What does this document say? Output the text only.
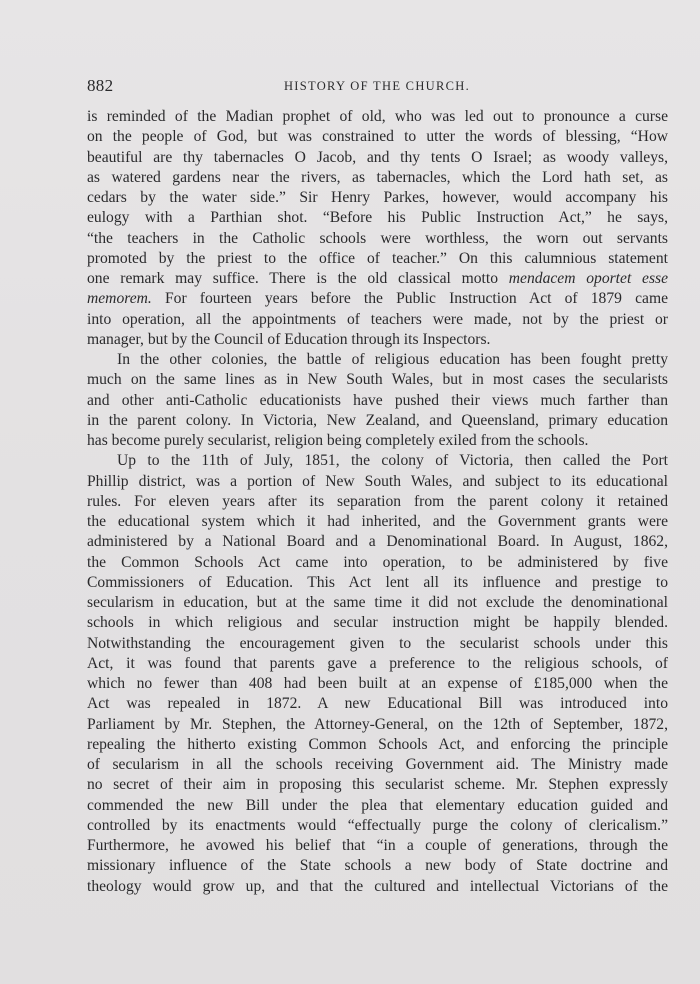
882	HISTORY OF THE CHURCH.
is reminded of the Madian prophet of old, who was led out to pronounce a curse
on the people of God, but was constrained to utter the words of blessing, “How
beautiful are thy tabernacles O Jacob, and thy tents O Israel; as woody valleys,
as watered gardens near the rivers, as tabernacles, which the Lord hath set, as
cedars by the water side.” Sir Henry Parkes, however, would accompany his
eulogy with a Parthian shot. “Before his Public Instruction Act,” he says,
“the teachers in the Catholic schools were worthless, the worn out servants
promoted by the priest to the office of teacher.” On this calumnious statement
one remark may suffice. There is the old classical motto mendacem oportet esse
memorem. For fourteen years before the Public Instruction Act of 1879 came
into operation, all the appointments of teachers were made, not by the priest or
manager, but by the Council of Education through its Inspectors.
In the other colonies, the battle of religious education has been fought pretty
much on the same lines as in New South Wales, but in most cases the secularists
and other anti-Catholic educationists have pushed their views much farther than
in the parent colony. In Victoria, New Zealand, and Queensland, primary education
has become purely secularist, religion being completely exiled from the schools.
Up to the 11th of July, 1851, the colony of Victoria, then called the Port
Phillip district, was a portion of New South Wales, and subject to its educational
rules. For eleven years after its separation from the parent colony it retained
the educational system which it had inherited, and the Government grants were
administered by a National Board and a Denominational Board. In August, 1862,
the Common Schools Act came into operation, to be administered by five
Commissioners of Education. This Act lent all its influence and prestige to
secularism in education, but at the same time it did not exclude the denominational
schools in which religious and secular instruction might be happily blended.
Notwithstanding the encouragement given to the secularist schools under this
Act, it was found that parents gave a preference to the religious schools, of
which no fewer than 408 had been built at an expense of £185,000 when the
Act was repealed in 1872. A new Educational Bill was introduced into
Parliament by Mr. Stephen, the Attorney-General, on the 12th of September, 1872,
repealing the hitherto existing Common Schools Act, and enforcing the principle
of secularism in all the schools receiving Government aid. The Ministry made
no secret of their aim in proposing this secularist scheme. Mr. Stephen expressly
commended the new Bill under the plea that elementary education guided and
controlled by its enactments would “effectually purge the colony of clericalism.”
Furthermore, he avowed his belief that “in a couple of generations, through the
missionary influence of the State schools a new body of State doctrine and
theology would grow up, and that the cultured and intellectual Victorians of the
